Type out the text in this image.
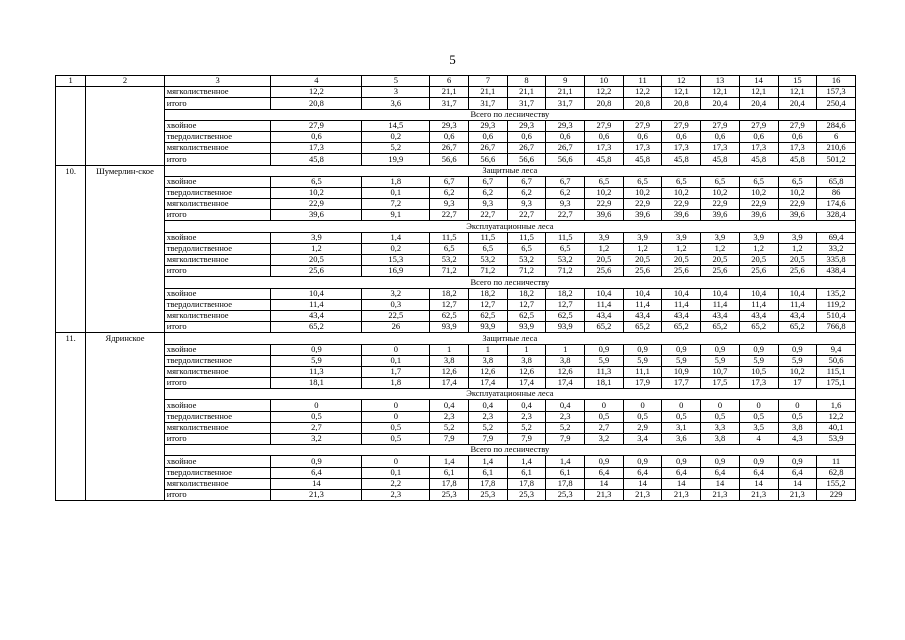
5
1	2	3	4	5	6	7	8	9	10	11	12	13	14	15	16
		мягколиственное	12,2	3	21,1	21,1	21,1	21,1	12,2	12,2	12,1	12,1	12,1	12,1	157,3
		итого	20,8	3,6	31,7	31,7	31,7	31,7	20,8	20,8	20,8	20,4	20,4	20,4	250,4
		Всего по лесничеству													
		хвойное	27,9	14,5	29,3	29,3	29,3	29,3	27,9	27,9	27,9	27,9	27,9	27,9	284,6
		твердолиственное	0,6	0,2	0,6	0,6	0,6	0,6	0,6	0,6	0,6	0,6	0,6	0,6	6
		мягколиственное	17,3	5,2	26,7	26,7	26,7	26,7	17,3	17,3	17,3	17,3	17,3	17,3	210,6
		итого	45,8	19,9	56,6	56,6	56,6	56,6	45,8	45,8	45,8	45,8	45,8	45,8	501,2
10.	Шумерлин-ское	Защитные леса													
		хвойное	6,5	1,8	6,7	6,7	6,7	6,7	6,5	6,5	6,5	6,5	6,5	6,5	65,8
		твердолиственное	10,2	0,1	6,2	6,2	6,2	6,2	10,2	10,2	10,2	10,2	10,2	10,2	86
		мягколиственное	22,9	7,2	9,3	9,3	9,3	9,3	22,9	22,9	22,9	22,9	22,9	22,9	174,6
		итого	39,6	9,1	22,7	22,7	22,7	22,7	39,6	39,6	39,6	39,6	39,6	39,6	328,4
		Эксплуатационные леса													
		хвойное	3,9	1,4	11,5	11,5	11,5	11,5	3,9	3,9	3,9	3,9	3,9	3,9	69,4
		твердолиственное	1,2	0,2	6,5	6,5	6,5	6,5	1,2	1,2	1,2	1,2	1,2	1,2	33,2
		мягколиственное	20,5	15,3	53,2	53,2	53,2	53,2	20,5	20,5	20,5	20,5	20,5	20,5	335,8
		итого	25,6	16,9	71,2	71,2	71,2	71,2	25,6	25,6	25,6	25,6	25,6	25,6	438,4
		Всего по лесничеству													
		хвойное	10,4	3,2	18,2	18,2	18,2	18,2	10,4	10,4	10,4	10,4	10,4	10,4	135,2
		твердолиственное	11,4	0,3	12,7	12,7	12,7	12,7	11,4	11,4	11,4	11,4	11,4	11,4	119,2
		мягколиственное	43,4	22,5	62,5	62,5	62,5	62,5	43,4	43,4	43,4	43,4	43,4	43,4	510,4
		итого	65,2	26	93,9	93,9	93,9	93,9	65,2	65,2	65,2	65,2	65,2	65,2	766,8
11.	Ядринское	Защитные леса													
		хвойное	0,9	0	1	1	1	1	0,9	0,9	0,9	0,9	0,9	0,9	9,4
		твердолиственное	5,9	0,1	3,8	3,8	3,8	3,8	5,9	5,9	5,9	5,9	5,9	5,9	50,6
		мягколиственное	11,3	1,7	12,6	12,6	12,6	12,6	11,3	11,1	10,9	10,7	10,5	10,2	115,1
		итого	18,1	1,8	17,4	17,4	17,4	17,4	18,1	17,9	17,7	17,5	17,3	17	175,1
		Эксплуатационные леса													
		хвойное	0	0	0,4	0,4	0,4	0,4	0	0	0	0	0	0	1,6
		твердолиственное	0,5	0	2,3	2,3	2,3	2,3	0,5	0,5	0,5	0,5	0,5	0,5	12,2
		мягколиственное	2,7	0,5	5,2	5,2	5,2	5,2	2,7	2,9	3,1	3,3	3,5	3,8	40,1
		итого	3,2	0,5	7,9	7,9	7,9	7,9	3,2	3,4	3,6	3,8	4	4,3	53,9
		Всего по лесничеству													
		хвойное	0,9	0	1,4	1,4	1,4	1,4	0,9	0,9	0,9	0,9	0,9	0,9	11
		твердолиственное	6,4	0,1	6,1	6,1	6,1	6,1	6,4	6,4	6,4	6,4	6,4	6,4	62,8
		мягколиственное	14	2,2	17,8	17,8	17,8	17,8	14	14	14	14	14	14	155,2
		итого	21,3	2,3	25,3	25,3	25,3	25,3	21,3	21,3	21,3	21,3	21,3	21,3	229
